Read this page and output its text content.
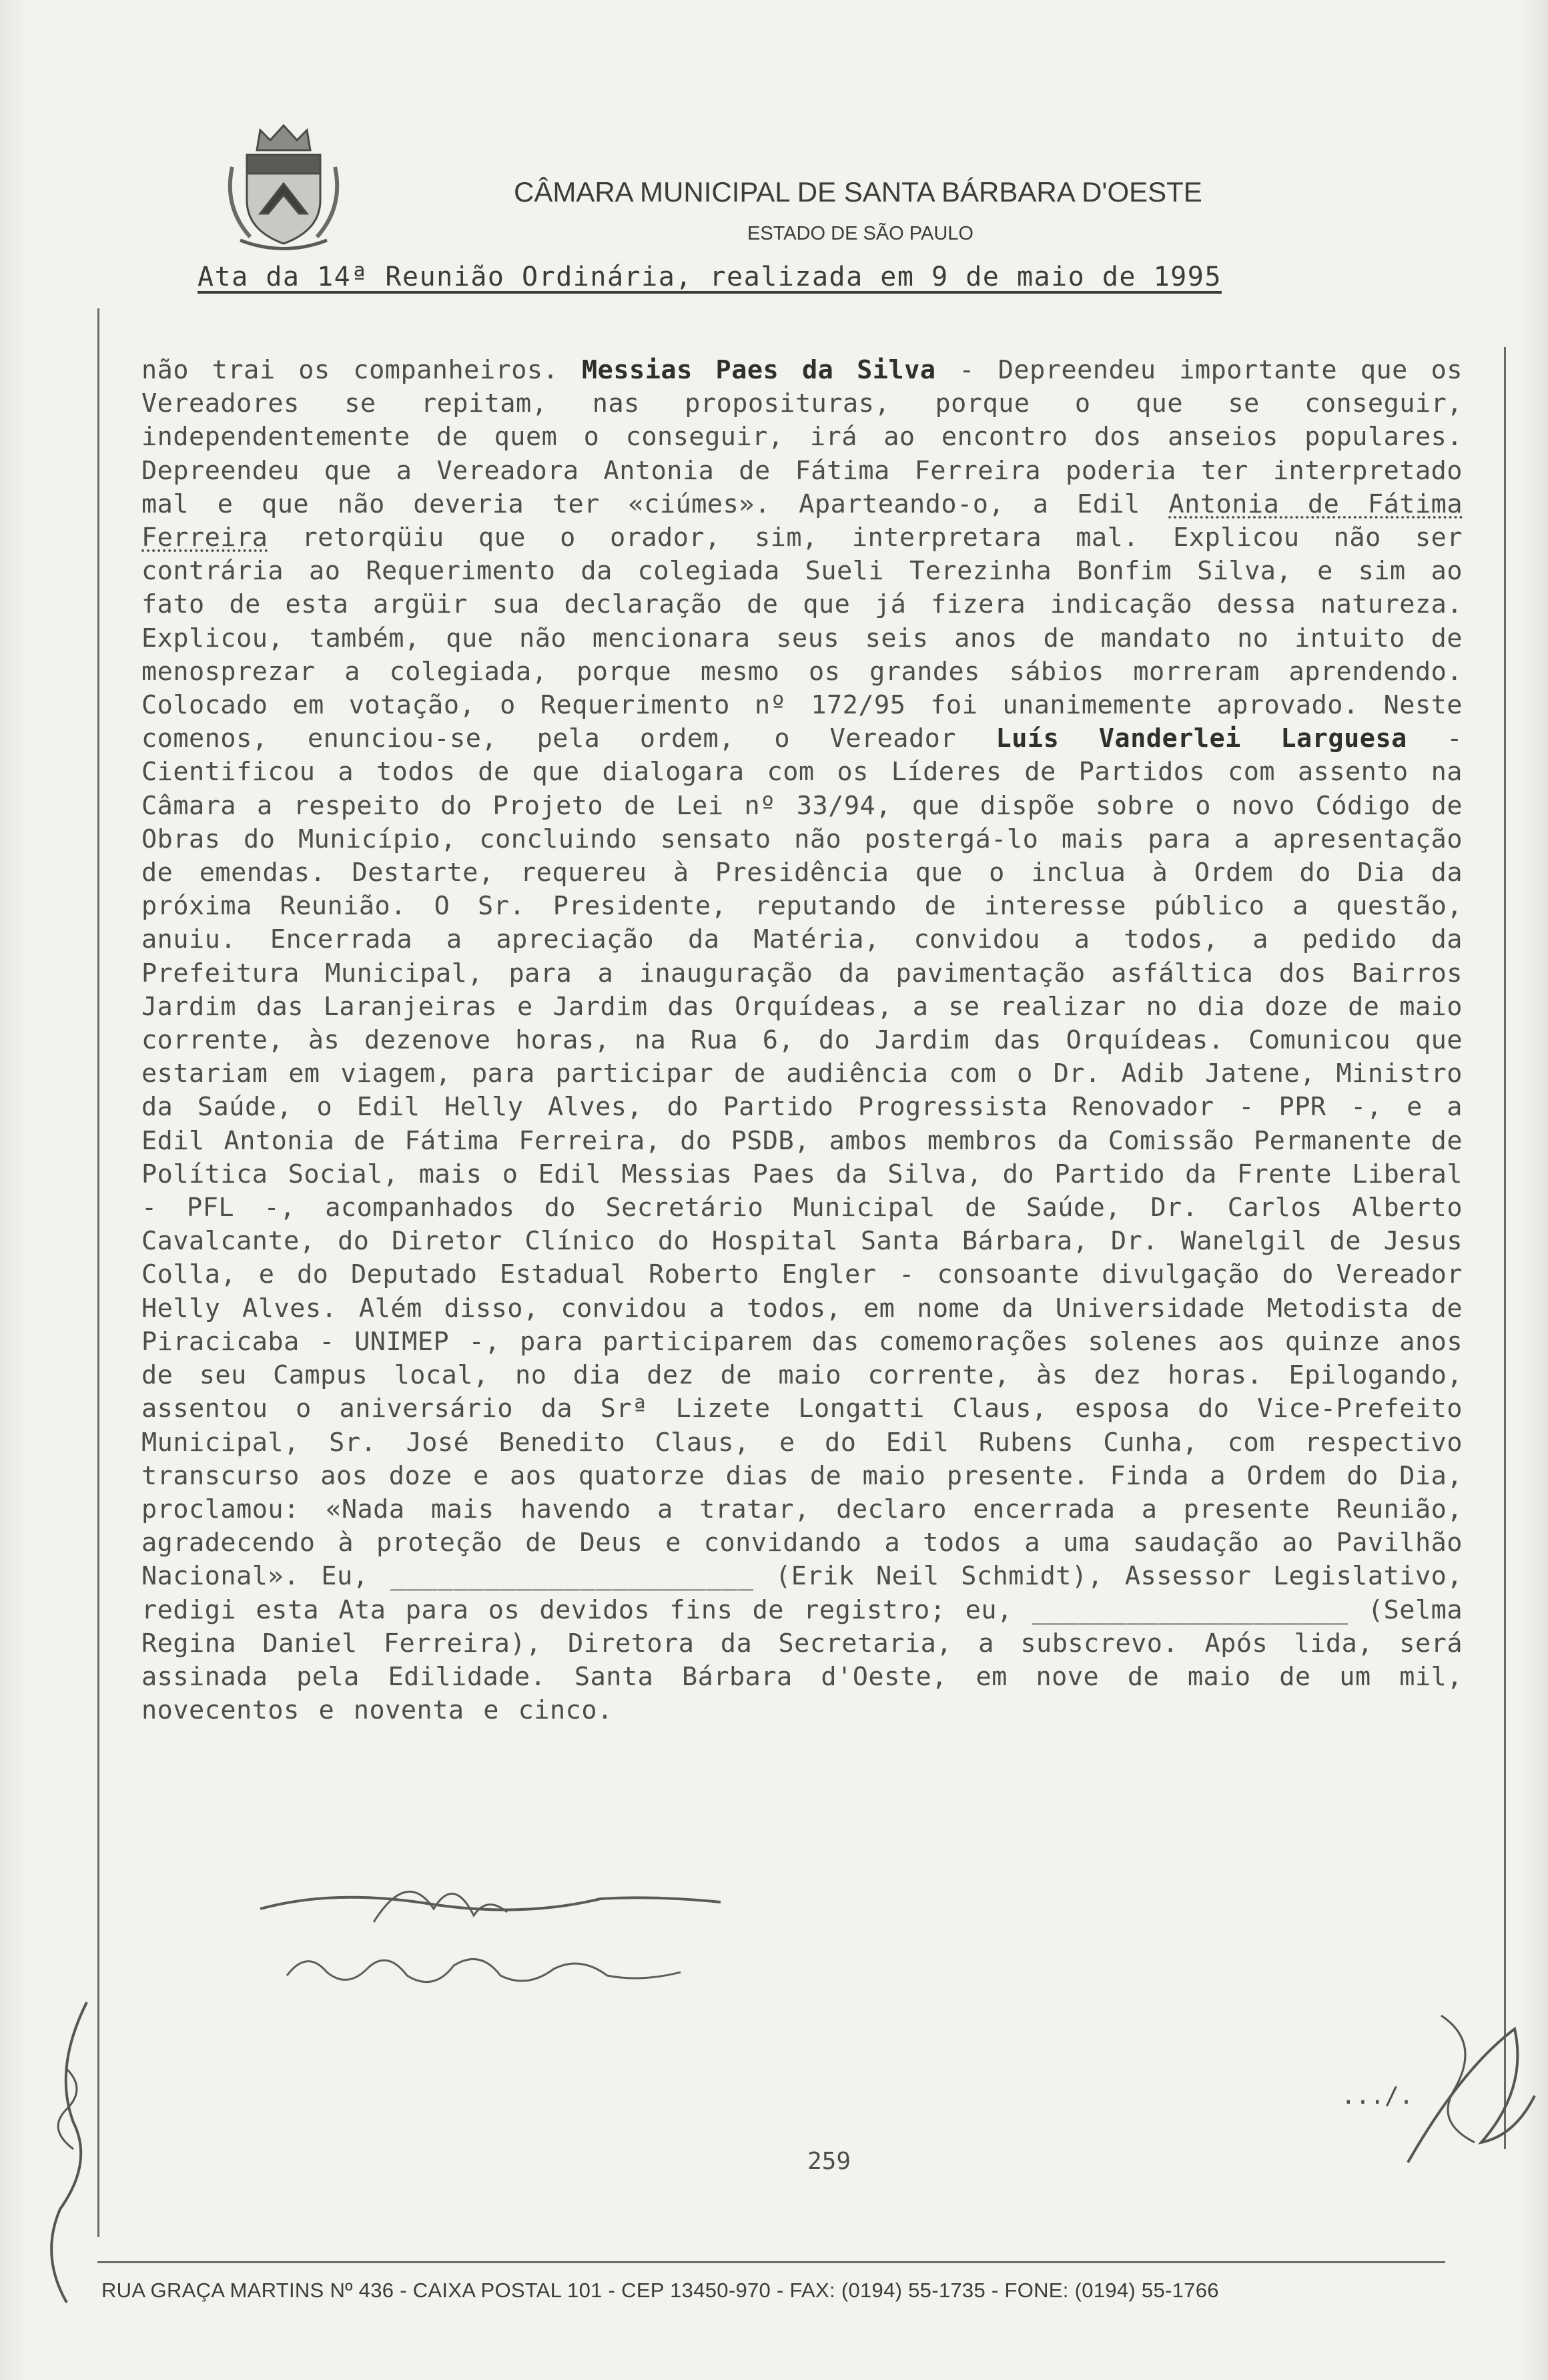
CÂMARA MUNICIPAL DE SANTA BÁRBARA D'OESTE
ESTADO DE SÃO PAULO
Ata da 14ª Reunião Ordinária, realizada em 9 de maio de 1995
não trai os companheiros. Messias Paes da Silva - Depreendeu importante que os Vereadores se repitam, nas proposituras, porque o que se conseguir, independentemente de quem o conseguir, irá ao encontro dos anseios populares. Depreendeu que a Vereadora Antonia de Fátima Ferreira poderia ter interpretado mal e que não deveria ter «ciúmes». Aparteando-o, a Edil Antonia de Fátima Ferreira retorqüiu que o orador, sim, interpretara mal. Explicou não ser contrária ao Requerimento da colegiada Sueli Terezinha Bonfim Silva, e sim ao fato de esta argüir sua declaração de que já fizera indicação dessa natureza. Explicou, também, que não mencionara seus seis anos de mandato no intuito de menosprezar a colegiada, porque mesmo os grandes sábios morreram aprendendo. Colocado em votação, o Requerimento nº 172/95 foi unanimemente aprovado. Neste comenos, enunciou-se, pela ordem, o Vereador Luís Vanderlei Larguesa - Cientificou a todos de que dialogara com os Líderes de Partidos com assento na Câmara a respeito do Projeto de Lei nº 33/94, que dispõe sobre o novo Código de Obras do Município, concluindo sensato não postergá-lo mais para a apresentação de emendas. Destarte, requereu à Presidência que o inclua à Ordem do Dia da próxima Reunião. O Sr. Presidente, reputando de interesse público a questão, anuiu. Encerrada a apreciação da Matéria, convidou a todos, a pedido da Prefeitura Municipal, para a inauguração da pavimentação asfáltica dos Bairros Jardim das Laranjeiras e Jardim das Orquídeas, a se realizar no dia doze de maio corrente, às dezenove horas, na Rua 6, do Jardim das Orquídeas. Comunicou que estariam em viagem, para participar de audiência com o Dr. Adib Jatene, Ministro da Saúde, o Edil Helly Alves, do Partido Progressista Renovador - PPR -, e a Edil Antonia de Fátima Ferreira, do PSDB, ambos membros da Comissão Permanente de Política Social, mais o Edil Messias Paes da Silva, do Partido da Frente Liberal - PFL -, acompanhados do Secretário Municipal de Saúde, Dr. Carlos Alberto Cavalcante, do Diretor Clínico do Hospital Santa Bárbara, Dr. Wanelgil de Jesus Colla, e do Deputado Estadual Roberto Engler - consoante divulgação do Vereador Helly Alves. Além disso, convidou a todos, em nome da Universidade Metodista de Piracicaba - UNIMEP -, para participarem das comemorações solenes aos quinze anos de seu Campus local, no dia dez de maio corrente, às dez horas. Epilogando, assentou o aniversário da Srª Lizete Longatti Claus, esposa do Vice-Prefeito Municipal, Sr. José Benedito Claus, e do Edil Rubens Cunha, com respectivo transcurso aos doze e aos quatorze dias de maio presente. Finda a Ordem do Dia, proclamou: «Nada mais havendo a tratar, declaro encerrada a presente Reunião, agradecendo à proteção de Deus e convidando a todos a uma saudação ao Pavilhão Nacional». Eu, _______________________ (Erik Neil Schmidt), Assessor Legislativo, redigi esta Ata para os devidos fins de registro; eu, ____________________ (Selma Regina Daniel Ferreira), Diretora da Secretaria, a subscrevo. Após lida, será assinada pela Edilidade. Santa Bárbara d'Oeste, em nove de maio de um mil, novecentos e noventa e cinco.
.../.
259
RUA GRAÇA MARTINS Nº 436 - CAIXA POSTAL 101 - CEP 13450-970 - FAX: (0194) 55-1735 - FONE: (0194) 55-1766
